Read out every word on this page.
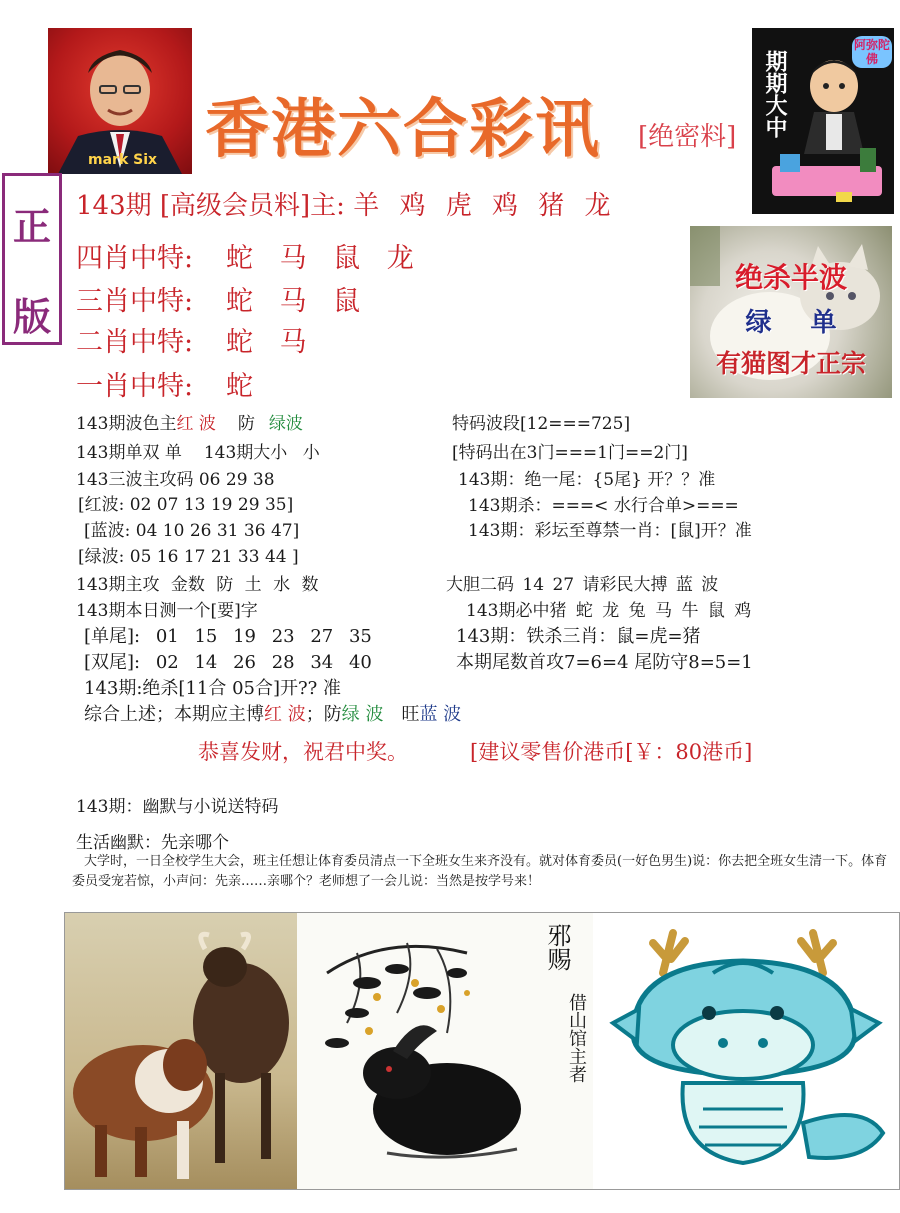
mark Six 香港六合彩讯 [绝密料] 期期大中
阿弥陀佛
正
版
143期 [高级会员料]主: 羊 鸡 虎 鸡 猪 龙
四肖中特: 蛇 马 鼠 龙
三肖中特: 蛇 马 鼠
二肖中特: 蛇 马
一肖中特: 蛇
绝杀半波
绿 单
有猫图才正宗
143期波色主红 波 防 绿波
143期单双 单 143期大小 小
143三波主攻码 06 29 38
[红波: 02 07 13 19 29 35]
[蓝波: 04 10 26 31 36 47]
[绿波: 05 16 17 21 33 44 ]
143期主攻 金数 防 土 水 数
143期本日测一个[要]字
[单尾]: 01 15 19 23 27 35
[双尾]: 02 14 26 28 34 40
143期:绝杀[11合 05合]开?? 准
综合上述；本期应主博红 波；防绿 波 旺蓝 波
特码波段[12===725]
[特码出在3门===1门==2门]
143期：绝一尾：{5尾} 开？？准
143期杀：===< 水行合单>===
143期：彩坛至尊禁一肖：[鼠]开？准
大胆二码 14 27 请彩民大搏 蓝 波
143期必中猪 蛇 龙 兔 马 牛 鼠 鸡
143期：铁杀三肖：鼠=虎=猪
本期尾数首攻7=6=4 尾防守8=5=1
恭喜发财，祝君中奖。	[建议零售价港币[￥：80港币]
143期：幽默与小说送特码
生活幽默：先亲哪个
大学时，一日全校学生大会，班主任想让体育委员清点一下全班女生来齐没有。就对体育委员(一好色男生)说：你去把全班女生清一下。体育委员受宠若惊，小声问：先亲……亲哪个？老师想了一会儿说：当然是按学号来！
邪赐
借山馆主者
